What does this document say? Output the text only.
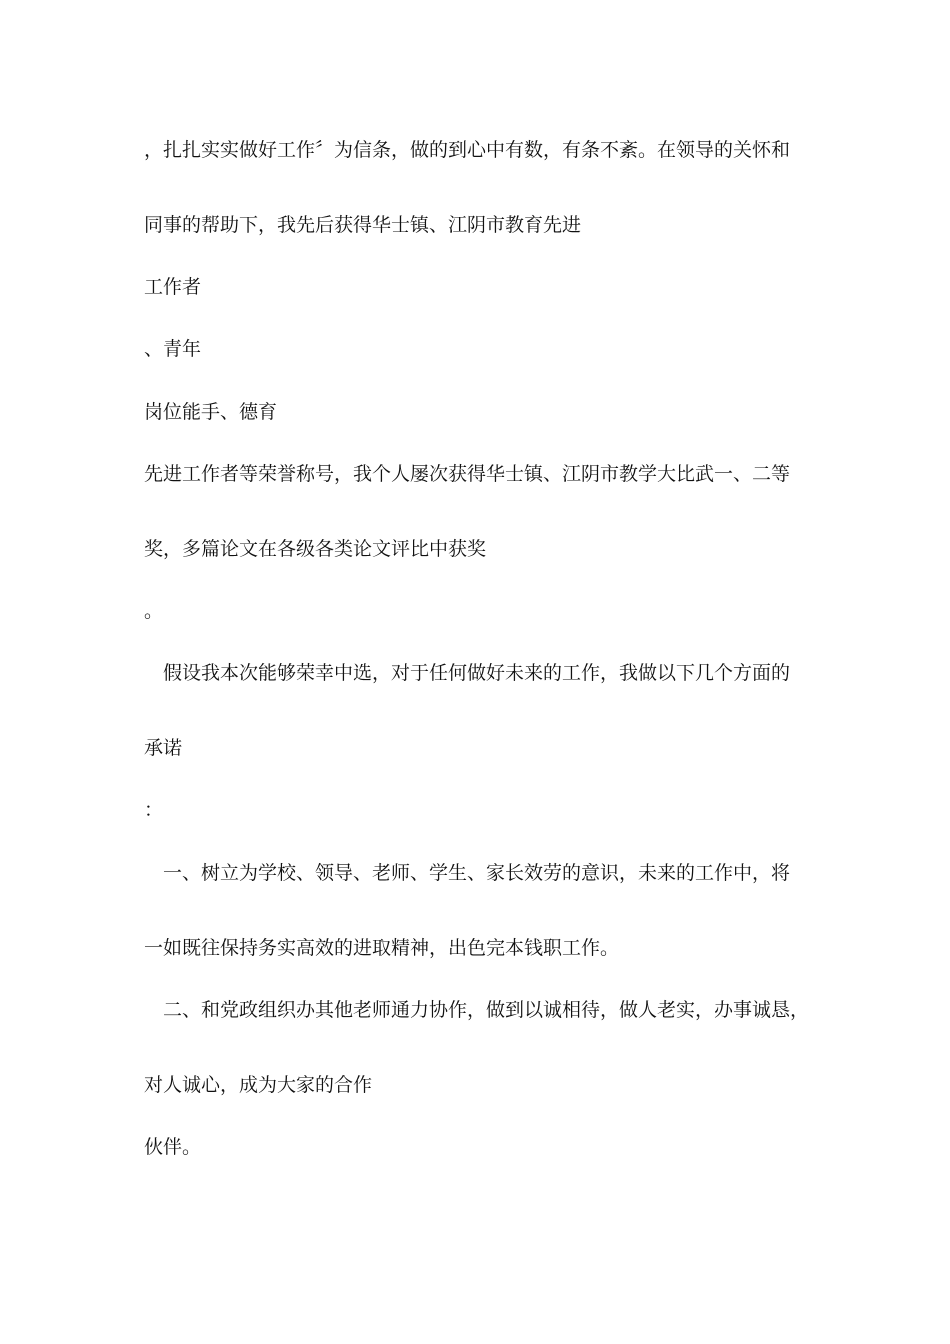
，扎扎实实做好工作〞为信条，做的到心中有数，有条不紊。在领导的关怀和
同事的帮助下，我先后获得华士镇、江阴市教育先进
工作者
、青年
岗位能手、德育
先进工作者等荣誉称号，我个人屡次获得华士镇、江阴市教学大比武一、二等
奖，多篇论文在各级各类论文评比中获奖
。
假设我本次能够荣幸中选，对于任何做好未来的工作，我做以下几个方面的
承诺
：
一、树立为学校、领导、老师、学生、家长效劳的意识，未来的工作中，将
一如既往保持务实高效的进取精神，出色完本钱职工作。
二、和党政组织办其他老师通力协作，做到以诚相待，做人老实，办事诚恳，
对人诚心，成为大家的合作
伙伴。
